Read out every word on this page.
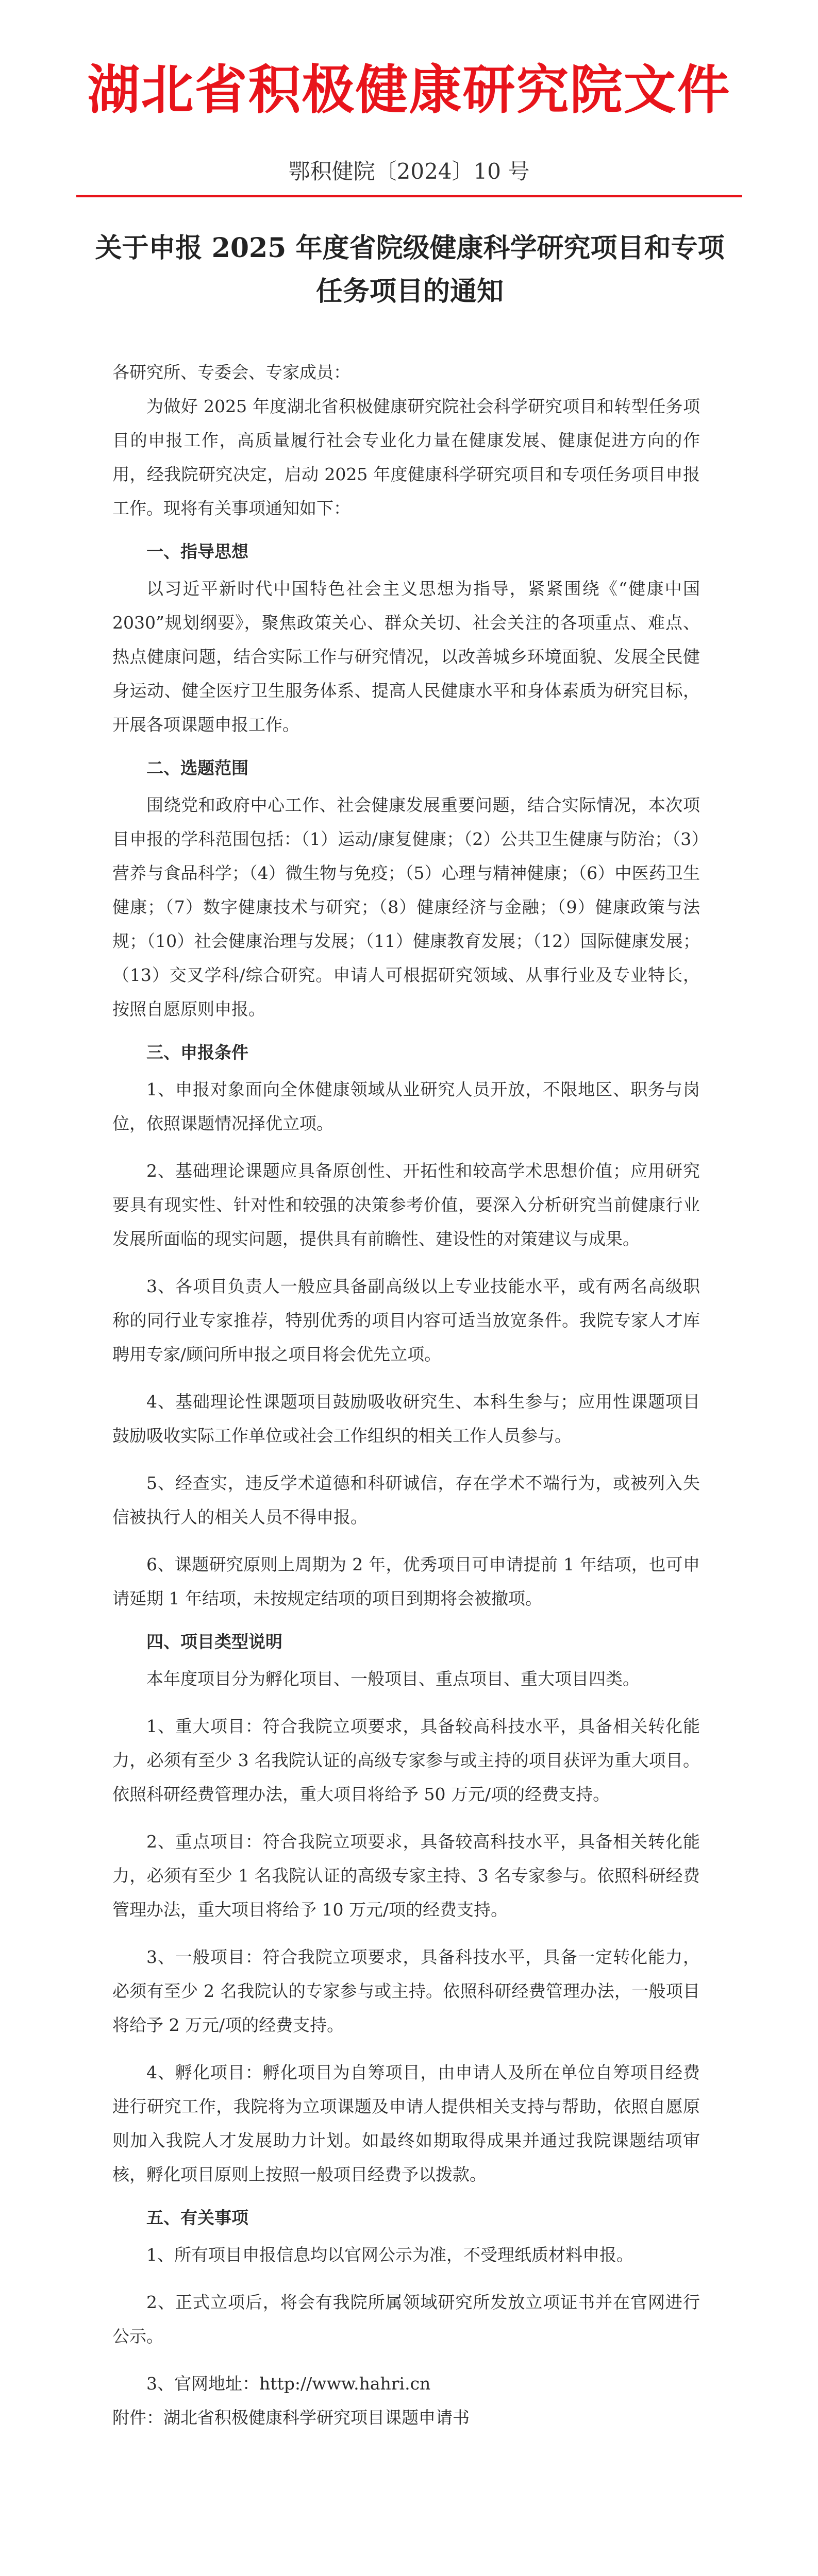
湖北省积极健康研究院文件
鄂积健院〔2024〕10 号
关于申报 2025 年度省院级健康科学研究项目和专项任务项目的通知

各研究所、专委会、专家成员：

为做好 2025 年度湖北省积极健康研究院社会科学研究项目和转型任务项目的申报工作，高质量履行社会专业化力量在健康发展、健康促进方向的作用，经我院研究决定，启动 2025 年度健康科学研究项目和专项任务项目申报工作。现将有关事项通知如下：

一、指导思想

以习近平新时代中国特色社会主义思想为指导，紧紧围绕《“健康中国 2030”规划纲要》，聚焦政策关心、群众关切、社会关注的各项重点、难点、热点健康问题，结合实际工作与研究情况，以改善城乡环境面貌、发展全民健身运动、健全医疗卫生服务体系、提高人民健康水平和身体素质为研究目标，开展各项课题申报工作。

二、选题范围

围绕党和政府中心工作、社会健康发展重要问题，结合实际情况，本次项目申报的学科范围包括：（1）运动/康复健康；（2）公共卫生健康与防治；（3）营养与食品科学；（4）微生物与免疫；（5）心理与精神健康；（6）中医药卫生健康；（7）数字健康技术与研究；（8）健康经济与金融；（9）健康政策与法规；（10）社会健康治理与发展；（11）健康教育发展；（12）国际健康发展；（13）交叉学科/综合研究。申请人可根据研究领域、从事行业及专业特长，按照自愿原则申报。

三、申报条件

1、申报对象面向全体健康领域从业研究人员开放，不限地区、职务与岗位，依照课题情况择优立项。

2、基础理论课题应具备原创性、开拓性和较高学术思想价值；应用研究要具有现实性、针对性和较强的决策参考价值，要深入分析研究当前健康行业发展所面临的现实问题，提供具有前瞻性、建设性的对策建议与成果。

3、各项目负责人一般应具备副高级以上专业技能水平，或有两名高级职称的同行业专家推荐，特别优秀的项目内容可适当放宽条件。我院专家人才库聘用专家/顾问所申报之项目将会优先立项。

4、基础理论性课题项目鼓励吸收研究生、本科生参与；应用性课题项目鼓励吸收实际工作单位或社会工作组织的相关工作人员参与。

5、经查实，违反学术道德和科研诚信，存在学术不端行为，或被列入失信被执行人的相关人员不得申报。

6、课题研究原则上周期为 2 年，优秀项目可申请提前 1 年结项，也可申请延期 1 年结项，未按规定结项的项目到期将会被撤项。

四、项目类型说明

本年度项目分为孵化项目、一般项目、重点项目、重大项目四类。

1、重大项目：符合我院立项要求，具备较高科技水平，具备相关转化能力，必须有至少 3 名我院认证的高级专家参与或主持的项目获评为重大项目。依照科研经费管理办法，重大项目将给予 50 万元/项的经费支持。

2、重点项目：符合我院立项要求，具备较高科技水平，具备相关转化能力，必须有至少 1 名我院认证的高级专家主持、3 名专家参与。依照科研经费管理办法，重大项目将给予 10 万元/项的经费支持。

3、一般项目：符合我院立项要求，具备科技水平，具备一定转化能力，必须有至少 2 名我院认的专家参与或主持。依照科研经费管理办法，一般项目将给予 2 万元/项的经费支持。

4、孵化项目：孵化项目为自筹项目，由申请人及所在单位自筹项目经费进行研究工作，我院将为立项课题及申请人提供相关支持与帮助，依照自愿原则加入我院人才发展助力计划。如最终如期取得成果并通过我院课题结项审核，孵化项目原则上按照一般项目经费予以拨款。

五、有关事项

1、所有项目申报信息均以官网公示为准，不受理纸质材料申报。

2、正式立项后，将会有我院所属领域研究所发放立项证书并在官网进行公示。

3、官网地址：http://www.hahri.cn

附件：湖北省积极健康科学研究项目课题申请书
